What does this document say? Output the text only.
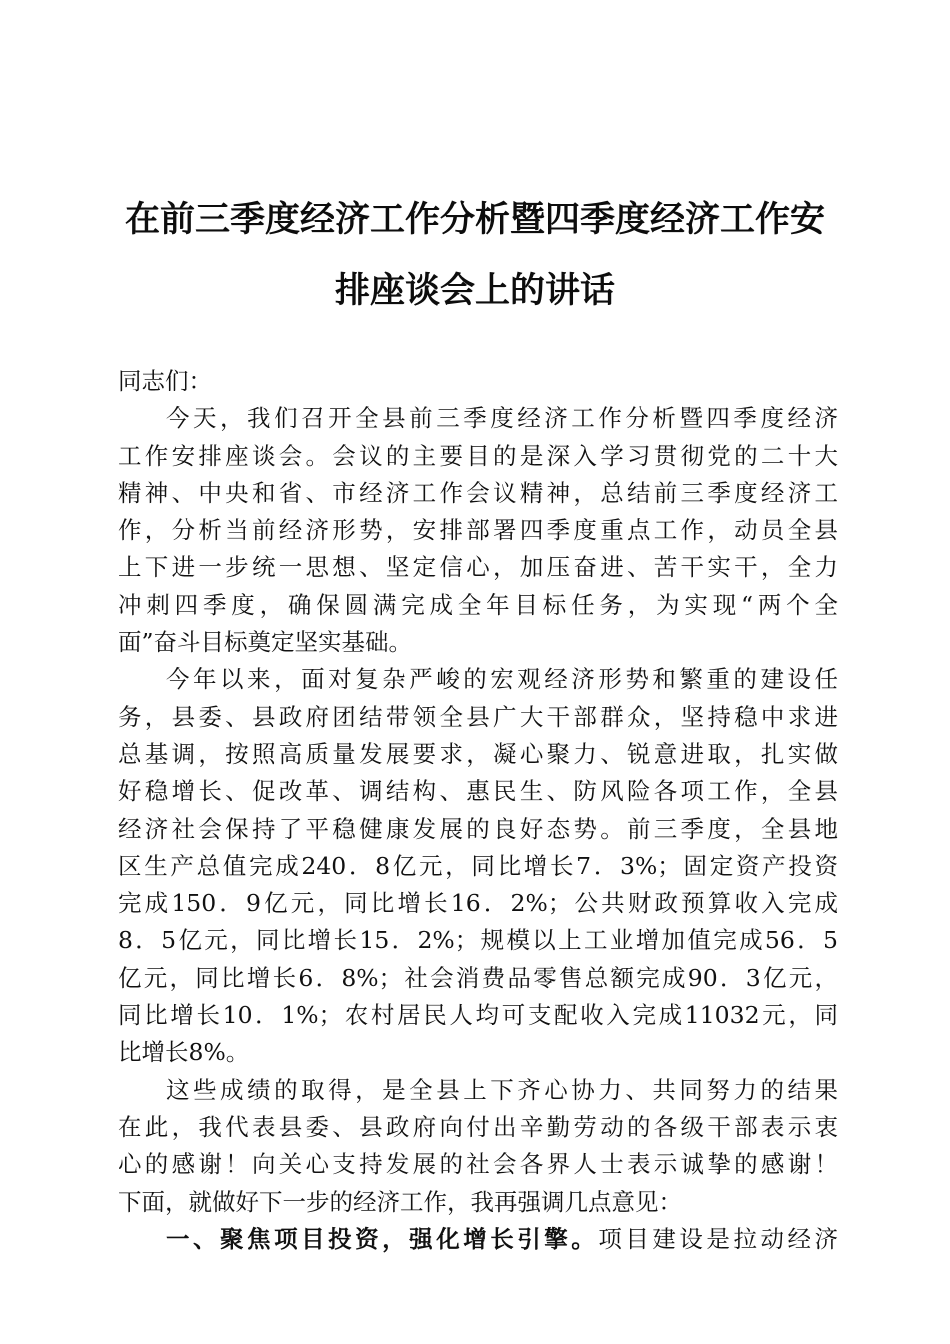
在前三季度经济工作分析暨四季度经济工作安
排座谈会上的讲话
同志们：
今天，我们召开全县前三季度经济工作分析暨四季度经济
工作安排座谈会。会议的主要目的是深入学习贯彻党的二十大
精神、中央和省、市经济工作会议精神，总结前三季度经济工
作，分析当前经济形势，安排部署四季度重点工作，动员全县
上下进一步统一思想、坚定信心，加压奋进、苦干实干，全力
冲刺四季度，确保圆满完成全年目标任务，为实现“两个全
面”奋斗目标奠定坚实基础。
今年以来，面对复杂严峻的宏观经济形势和繁重的建设任
务，县委、县政府团结带领全县广大干部群众，坚持稳中求进
总基调，按照高质量发展要求，凝心聚力、锐意进取，扎实做
好稳增长、促改革、调结构、惠民生、防风险各项工作，全县
经济社会保持了平稳健康发展的良好态势。前三季度，全县地
区生产总值完成240．8亿元，同比增长7．3%；固定资产投资
完成150．9亿元，同比增长16．2%；公共财政预算收入完成
8．5亿元，同比增长15．2%；规模以上工业增加值完成56．5
亿元，同比增长6．8%；社会消费品零售总额完成90．3亿元，
同比增长10．1%；农村居民人均可支配收入完成11032元，同
比增长8%。
这些成绩的取得，是全县上下齐心协力、共同努力的结果
在此，我代表县委、县政府向付出辛勤劳动的各级干部表示衷
心的感谢！向关心支持发展的社会各界人士表示诚挚的感谢！
下面，就做好下一步的经济工作，我再强调几点意见：
一、聚焦项目投资，强化增长引擎。项目建设是拉动经济
